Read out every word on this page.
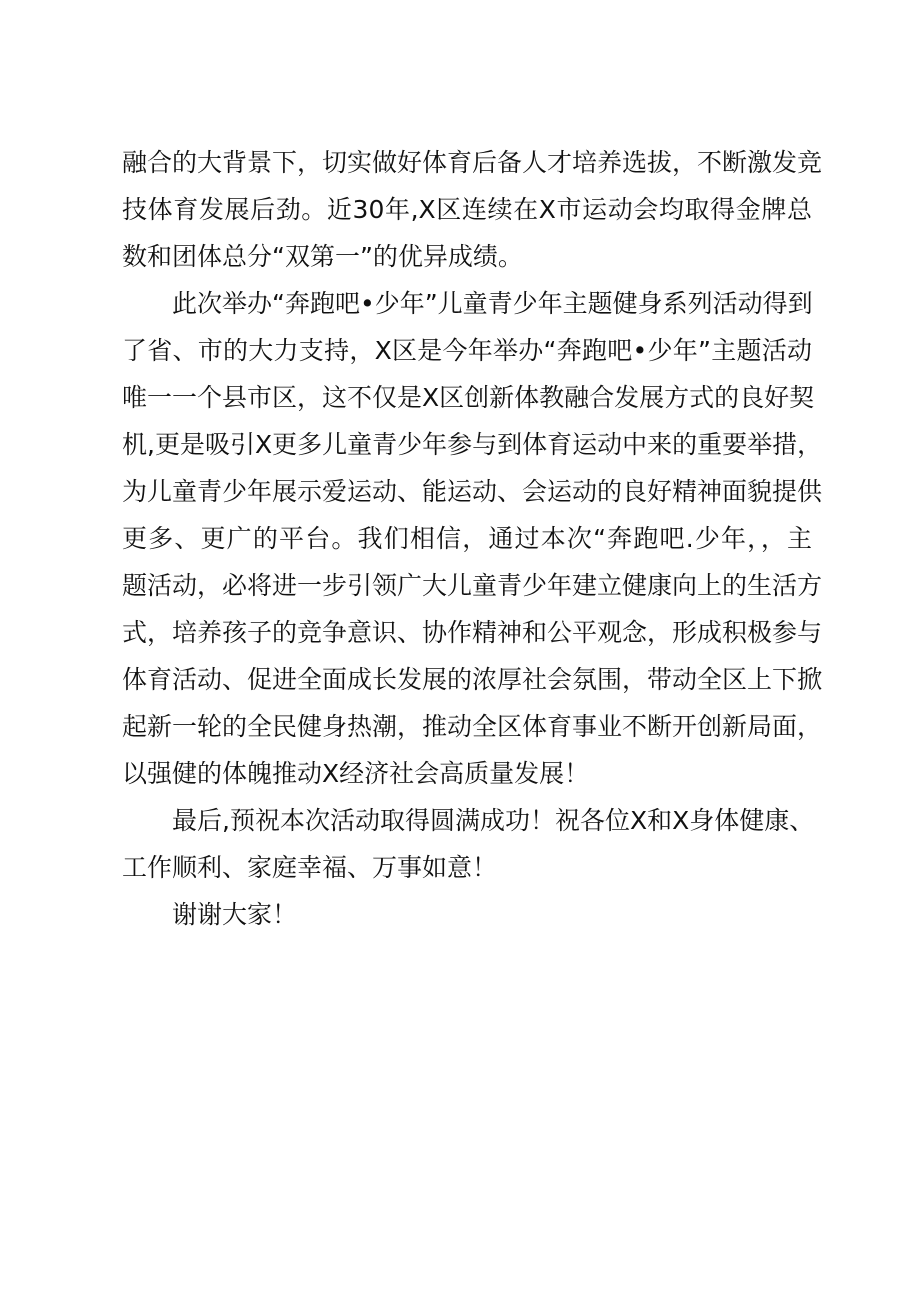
融合的大背景下，切实做好体育后备人才培养选拔，不断激发竞
技体育发展后劲。近30年,X区连续在X市运动会均取得金牌总
数和团体总分“双第一”的优异成绩。
此次举办“奔跑吧•少年”儿童青少年主题健身系列活动得到
了省、市的大力支持，X区是今年举办“奔跑吧•少年”主题活动
唯一一个县市区，这不仅是X区创新体教融合发展方式的良好契
机,更是吸引X更多儿童青少年参与到体育运动中来的重要举措，
为儿童青少年展示爱运动、能运动、会运动的良好精神面貌提供
更多、更广的平台。我们相信，通过本次“奔跑吧.少年，，主
题活动，必将进一步引领广大儿童青少年建立健康向上的生活方
式，培养孩子的竞争意识、协作精神和公平观念，形成积极参与
体育活动、促进全面成长发展的浓厚社会氛围，带动全区上下掀
起新一轮的全民健身热潮，推动全区体育事业不断开创新局面，
以强健的体魄推动X经济社会高质量发展！
最后,预祝本次活动取得圆满成功！祝各位X和X身体健康、
工作顺利、家庭幸福、万事如意！
谢谢大家！
